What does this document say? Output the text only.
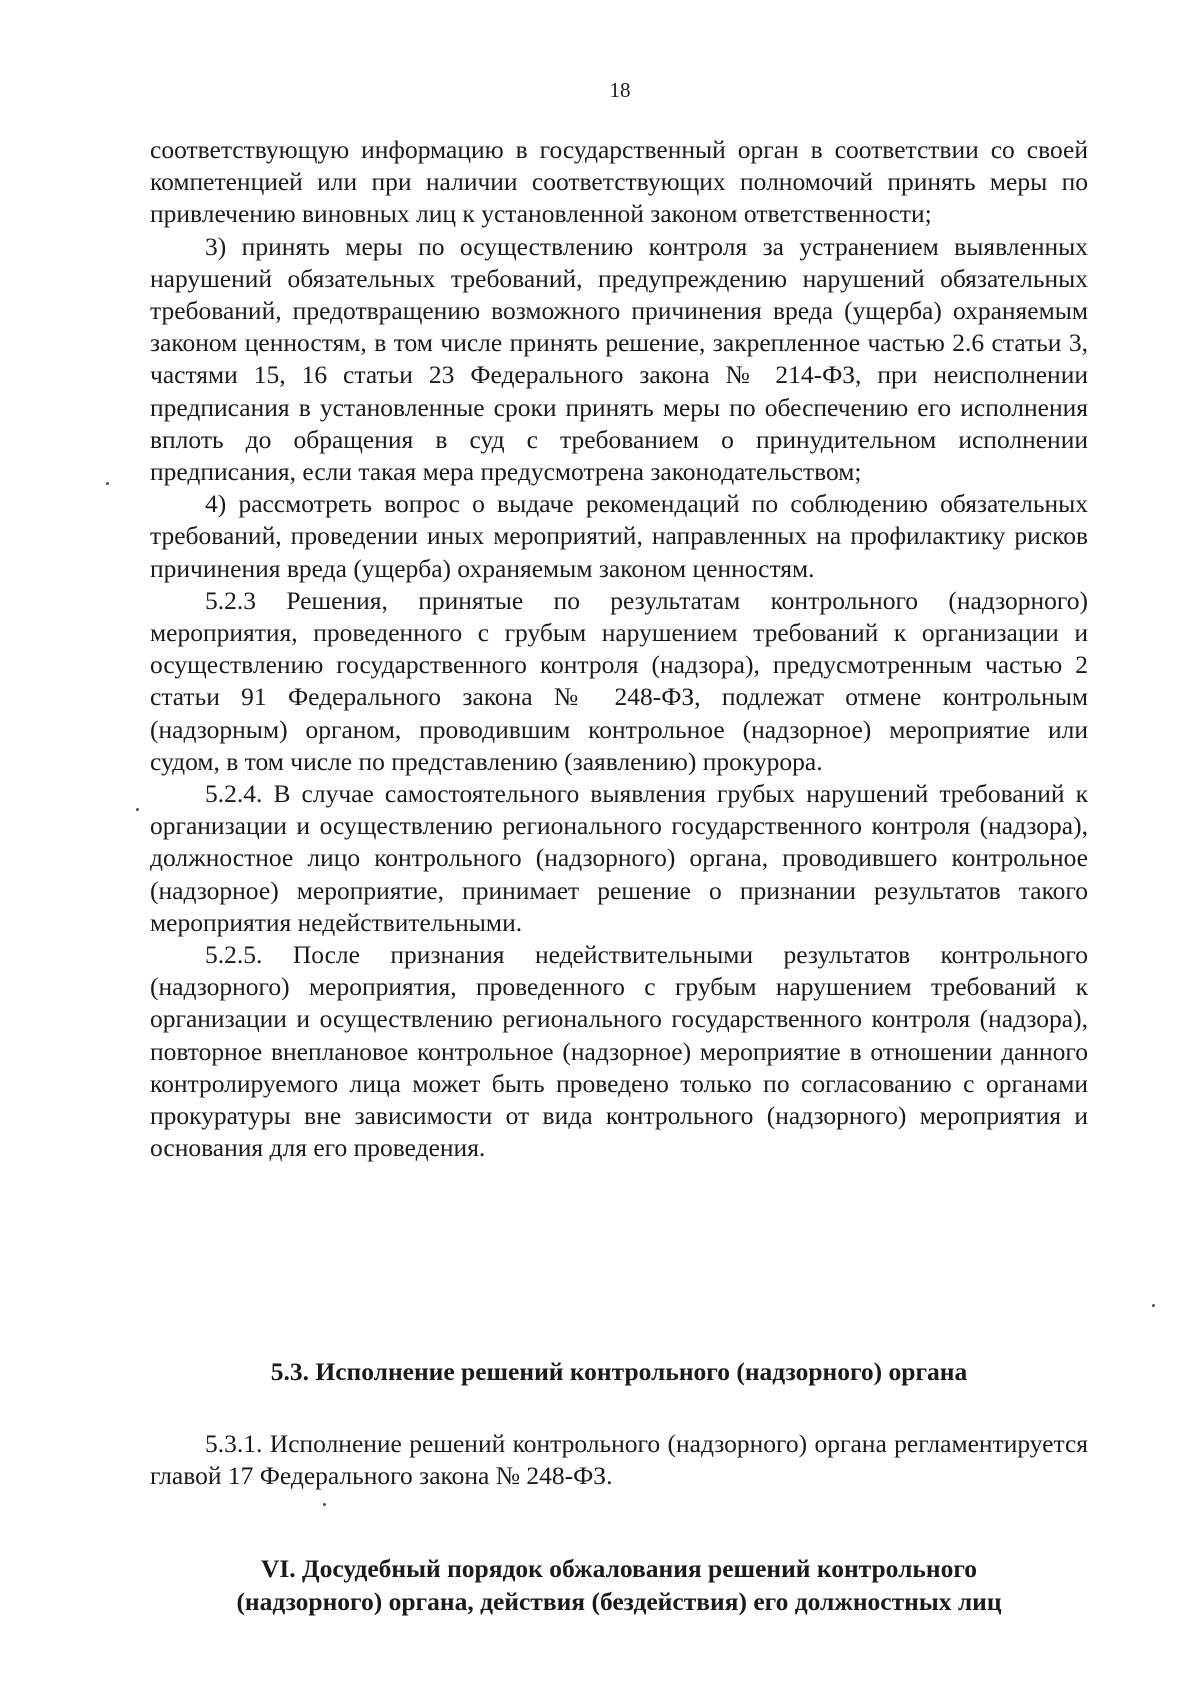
18

соответствующую информацию в государственный орган в соответствии со своей компетенцией или при наличии соответствующих полномочий принять меры по привлечению виновных лиц к установленной законом ответственности;

3) принять меры по осуществлению контроля за устранением выявленных нарушений обязательных требований, предупреждению нарушений обязательных требований, предотвращению возможного причинения вреда (ущерба) охраняемым законом ценностям, в том числе принять решение, закрепленное частью 2.6 статьи 3, частями 15, 16 статьи 23 Федерального закона № 214-ФЗ, при неисполнении предписания в установленные сроки принять меры по обеспечению его исполнения вплоть до обращения в суд с требованием о принудительном исполнении предписания, если такая мера предусмотрена законодательством;

4) рассмотреть вопрос о выдаче рекомендаций по соблюдению обязательных требований, проведении иных мероприятий, направленных на профилактику рисков причинения вреда (ущерба) охраняемым законом ценностям.

5.2.3 Решения, принятые по результатам контрольного (надзорного) мероприятия, проведенного с грубым нарушением требований к организации и осуществлению государственного контроля (надзора), предусмотренным частью 2 статьи 91 Федерального закона № 248-ФЗ, подлежат отмене контрольным (надзорным) органом, проводившим контрольное (надзорное) мероприятие или судом, в том числе по представлению (заявлению) прокурора.

5.2.4. В случае самостоятельного выявления грубых нарушений требований к организации и осуществлению регионального государственного контроля (надзора), должностное лицо контрольного (надзорного) органа, проводившего контрольное (надзорное) мероприятие, принимает решение о признании результатов такого мероприятия недействительными.

5.2.5. После признания недействительными результатов контрольного (надзорного) мероприятия, проведенного с грубым нарушением требований к организации и осуществлению регионального государственного контроля (надзора), повторное внеплановое контрольное (надзорное) мероприятие в отношении данного контролируемого лица может быть проведено только по согласованию с органами прокуратуры вне зависимости от вида контрольного (надзорного) мероприятия и основания для его проведения.

5.3. Исполнение решений контрольного (надзорного) органа

5.3.1. Исполнение решений контрольного (надзорного) органа регламентируется главой 17 Федерального закона № 248-ФЗ.

VI. Досудебный порядок обжалования решений контрольного
(надзорного) органа, действия (бездействия) его должностных лиц
